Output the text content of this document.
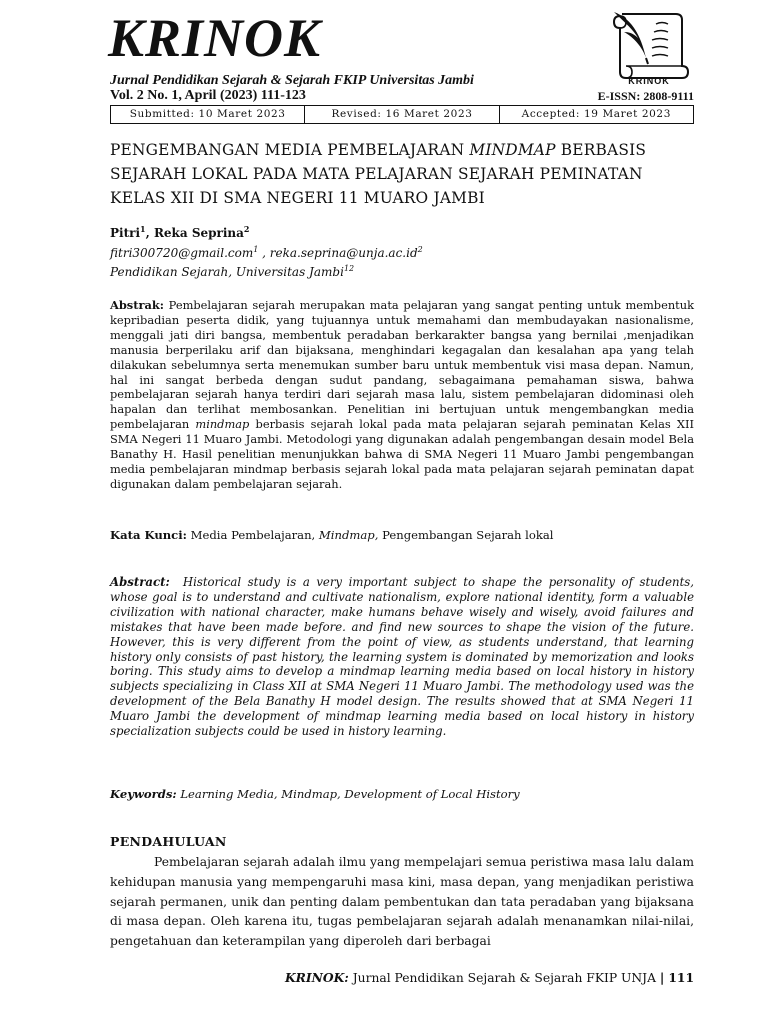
KRINOK
Jurnal Pendidikan Sejarah & Sejarah FKIP Universitas Jambi
Vol. 2 No. 1, April (2023) 111-123	E-ISSN: 2808-9111
KRINOK
Submitted: 10 Maret 2023	Revised: 16 Maret 2023	Accepted: 19 Maret 2023
PENGEMBANGAN MEDIA PEMBELAJARAN MINDMAP BERBASIS SEJARAH LOKAL PADA MATA PELAJARAN SEJARAH PEMINATAN KELAS XII DI SMA NEGERI 11 MUARO JAMBI
Pitri$^1$, Reka Seprina$^2$
fitri300720@gmail.com$^1$ , $reka.seprina@unja.ac.id^2$
Pendidikan Sejarah, Universitas Jambi$^{12}$
Abstrak: Pembelajaran sejarah merupakan mata pelajaran yang sangat penting untuk membentuk kepribadian peserta didik, yang tujuannya untuk memahami dan membudayakan nasionalisme, menggali jati diri bangsa, membentuk peradaban berkarakter bangsa yang bernilai ,menjadikan manusia berperilaku arif dan bijaksana, menghindari kegagalan dan kesalahan apa yang telah dilakukan sebelumnya serta menemukan sumber baru untuk membentuk visi masa depan. Namun, hal ini sangat berbeda dengan sudut pandang, sebagaimana pemahaman siswa, bahwa pembelajaran sejarah hanya terdiri dari sejarah masa lalu, sistem pembelajaran didominasi oleh hapalan dan terlihat membosankan. Penelitian ini bertujuan untuk mengembangkan media pembelajaran mindmap berbasis sejarah lokal pada mata pelajaran sejarah peminatan Kelas XII SMA Negeri 11 Muaro Jambi. Metodologi yang digunakan adalah pengembangan desain model Bela Banathy H. Hasil penelitian menunjukkan bahwa di SMA Negeri 11 Muaro Jambi pengembangan media pembelajaran mindmap berbasis sejarah lokal pada mata pelajaran sejarah peminatan dapat digunakan dalam pembelajaran sejarah.
Kata Kunci: Media Pembelajaran, Mindmap, Pengembangan Sejarah lokal
Abstract: Historical study is a very important subject to shape the personality of students, whose goal is to understand and cultivate nationalism, explore national identity, form a valuable civilization with national character, make humans behave wisely and wisely, avoid failures and mistakes that have been made before. and find new sources to shape the vision of the future. However, this is very different from the point of view, as students understand, that learning history only consists of past history, the learning system is dominated by memorization and looks boring. This study aims to develop a mindmap learning media based on local history in history subjects specializing in Class XII at SMA Negeri 11 Muaro Jambi. The methodology used was the development of the Bela Banathy H model design. The results showed that at SMA Negeri 11 Muaro Jambi the development of mindmap learning media based on local history in history specialization subjects could be used in history learning.
Keywords: Learning Media, Mindmap, Development of Local History
PENDAHULUAN
Pembelajaran sejarah adalah ilmu yang mempelajari semua peristiwa masa lalu dalam kehidupan manusia yang mempengaruhi masa kini, masa depan, yang menjadikan peristiwa sejarah permanen, unik dan penting dalam pembentukan dan tata peradaban yang bijaksana di masa depan. Oleh karena itu, tugas pembelajaran sejarah adalah menanamkan nilai-nilai, pengetahuan dan keterampilan yang diperoleh dari berbagai
KRINOK: Jurnal Pendidikan Sejarah & Sejarah FKIP UNJA | 111
